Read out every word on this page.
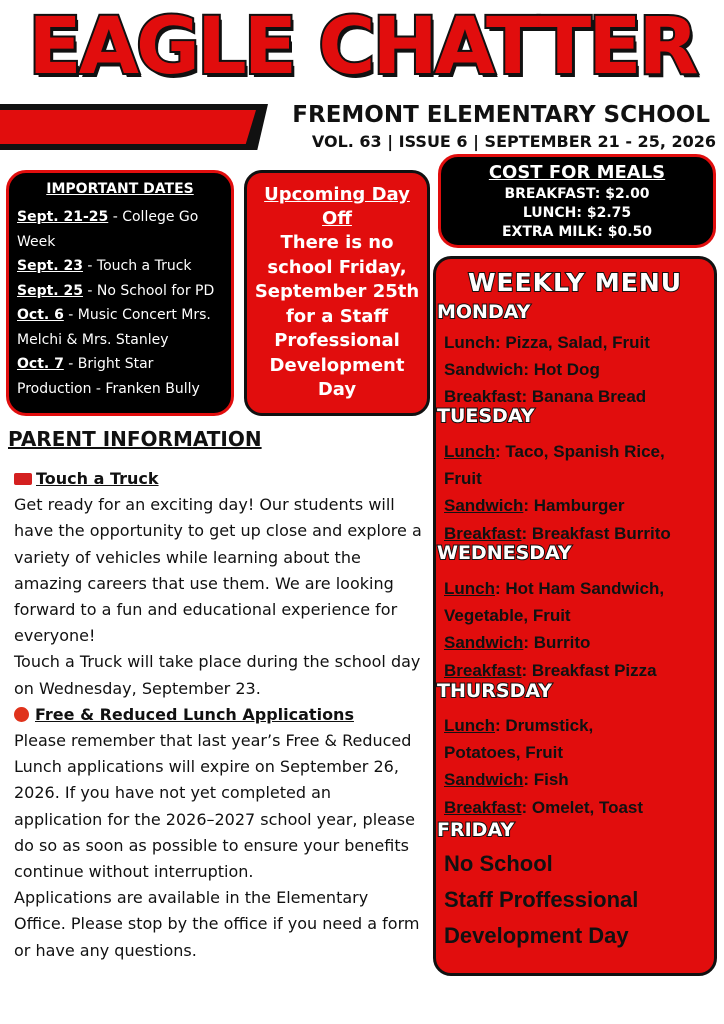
EAGLE CHATTER
FREMONT ELEMENTARY SCHOOL
VOL. 63 | ISSUE 6 | SEPTEMBER 21 - 25, 2026
IMPORTANT DATES
Sept. 21-25 - College Go Week
Sept. 23 - Touch a Truck
Sept. 25 - No School for PD
Oct. 6 - Music Concert Mrs. Melchi & Mrs. Stanley
Oct. 7 - Bright Star Production - Franken Bully
Upcoming Day Off
There is no school Friday, September 25th for a Staff Professional Development Day
COST FOR MEALS
BREAKFAST: $2.00
LUNCH: $2.75
EXTRA MILK: $0.50
WEEKLY MENU
MONDAY
Lunch: Pizza, Salad, Fruit
Sandwich: Hot Dog
Breakfast: Banana Bread
TUESDAY
Lunch: Taco, Spanish Rice,
Fruit
Sandwich: Hamburger
Breakfast: Breakfast Burrito
WEDNESDAY
Lunch: Hot Ham Sandwich,
Vegetable, Fruit
Sandwich: Burrito
Breakfast: Breakfast Pizza
THURSDAY
Lunch: Drumstick,
Potatoes, Fruit
Sandwich: Fish
Breakfast: Omelet, Toast
FRIDAY
No School
Staff Proffessional
Development Day
PARENT INFORMATION
Touch a Truck
Get ready for an exciting day! Our students will have the opportunity to get up close and explore a variety of vehicles while learning about the amazing careers that use them. We are looking forward to a fun and educational experience for everyone!
Touch a Truck will take place during the school day on Wednesday, September 23.
Free & Reduced Lunch Applications
Please remember that last year’s Free & Reduced Lunch applications will expire on September 26, 2026. If you have not yet completed an application for the 2026–2027 school year, please do so as soon as possible to ensure your benefits continue without interruption.
Applications are available in the Elementary Office. Please stop by the office if you need a form or have any questions.
